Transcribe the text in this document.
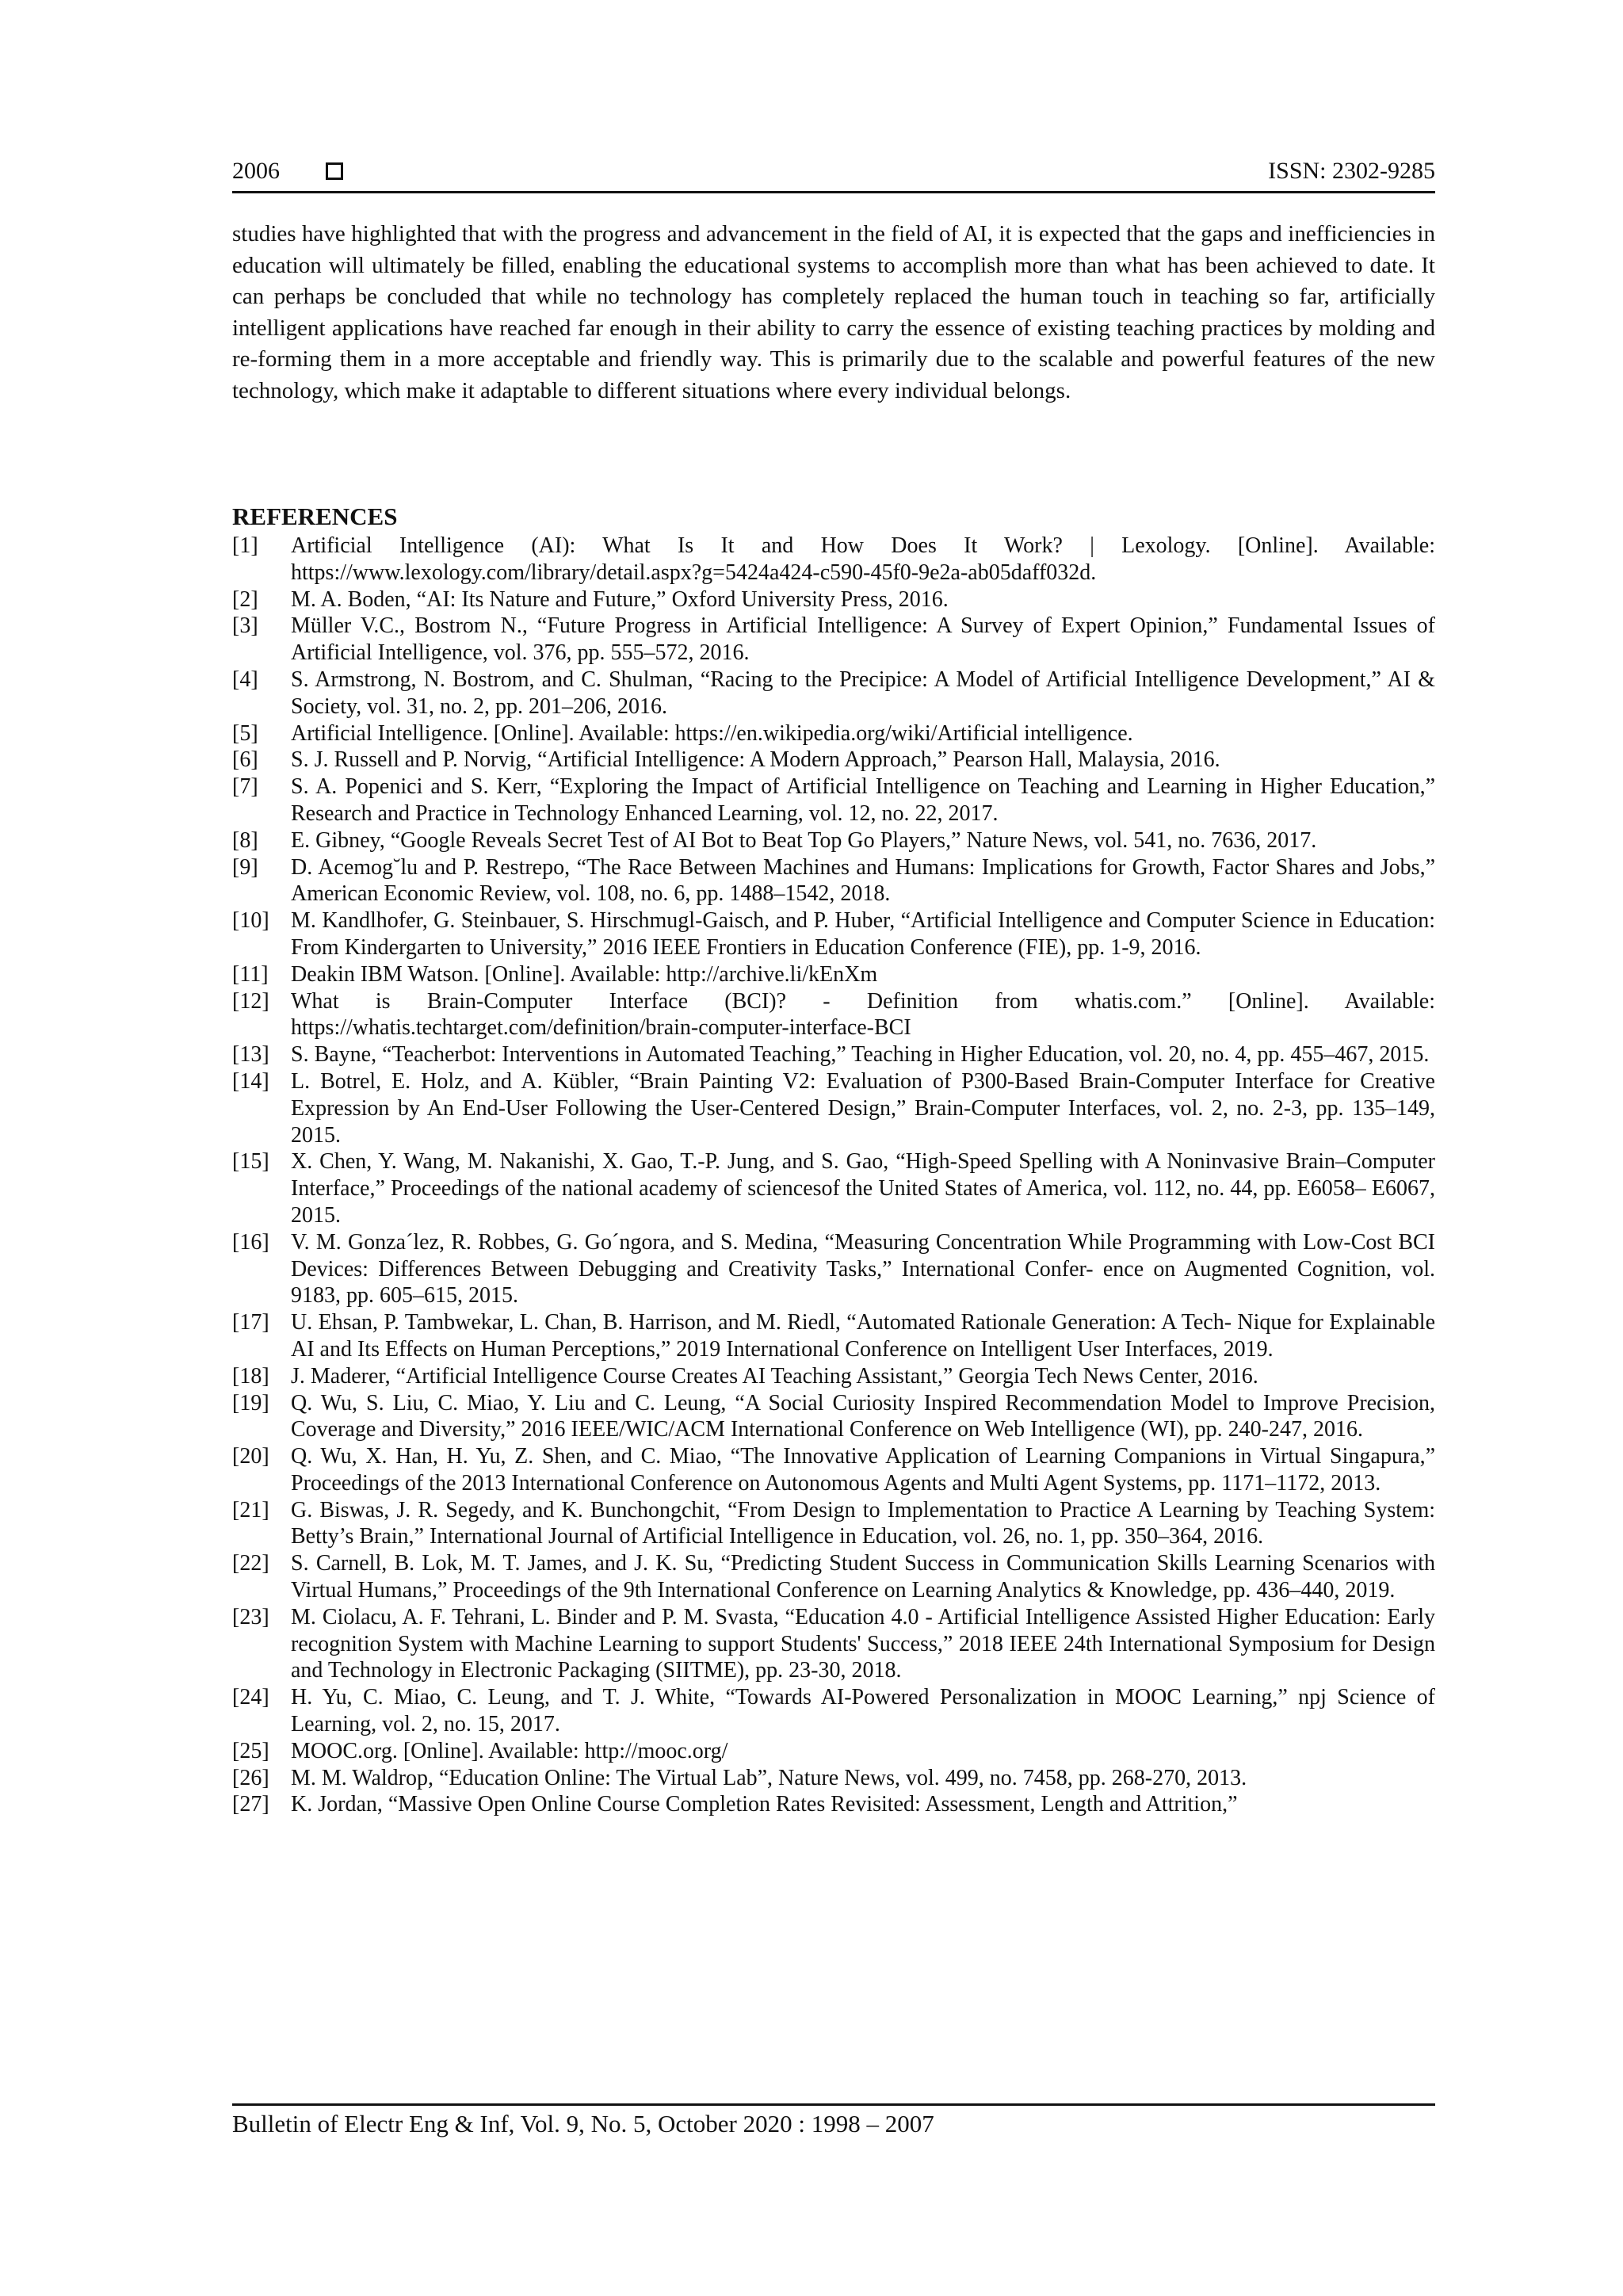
2006	ISSN: 2302-9285

studies have highlighted that with the progress and advancement in the field of AI, it is expected that the gaps and inefficiencies in education will ultimately be filled, enabling the educational systems to accomplish more than what has been achieved to date. It can perhaps be concluded that while no technology has completely replaced the human touch in teaching so far, artificially intelligent applications have reached far enough in their ability to carry the essence of existing teaching practices by molding and re-forming them in a more acceptable and friendly way. This is primarily due to the scalable and powerful features of the new technology, which make it adaptable to different situations where every individual belongs.

REFERENCES
[1] Artificial Intelligence (AI): What Is It and How Does It Work? | Lexology. [Online]. Available: https://www.lexology.com/library/detail.aspx?g=5424a424-c590-45f0-9e2a-ab05daff032d.
[2] M. A. Boden, “AI: Its Nature and Future,” Oxford University Press, 2016.
[3] Müller V.C., Bostrom N., “Future Progress in Artificial Intelligence: A Survey of Expert Opinion,” Fundamental Issues of Artificial Intelligence, vol. 376, pp. 555–572, 2016.
[4] S. Armstrong, N. Bostrom, and C. Shulman, “Racing to the Precipice: A Model of Artificial Intelligence Development,” AI & Society, vol. 31, no. 2, pp. 201–206, 2016.
[5] Artificial Intelligence. [Online]. Available: https://en.wikipedia.org/wiki/Artificial intelligence.
[6] S. J. Russell and P. Norvig, “Artificial Intelligence: A Modern Approach,” Pearson Hall, Malaysia, 2016.
[7] S. A. Popenici and S. Kerr, “Exploring the Impact of Artificial Intelligence on Teaching and Learning in Higher Education,” Research and Practice in Technology Enhanced Learning, vol. 12, no. 22, 2017.
[8] E. Gibney, “Google Reveals Secret Test of AI Bot to Beat Top Go Players,” Nature News, vol. 541, no. 7636, 2017.
[9] D. Acemog˘lu and P. Restrepo, “The Race Between Machines and Humans: Implications for Growth, Factor Shares and Jobs,” American Economic Review, vol. 108, no. 6, pp. 1488–1542, 2018.
[10] M. Kandlhofer, G. Steinbauer, S. Hirschmugl-Gaisch, and P. Huber, “Artificial Intelligence and Computer Science in Education: From Kindergarten to University,” 2016 IEEE Frontiers in Education Conference (FIE), pp. 1-9, 2016.
[11] Deakin IBM Watson. [Online]. Available: http://archive.li/kEnXm
[12] What is Brain-Computer Interface (BCI)? - Definition from whatis.com.” [Online]. Available: https://whatis.techtarget.com/definition/brain-computer-interface-BCI
[13] S. Bayne, “Teacherbot: Interventions in Automated Teaching,” Teaching in Higher Education, vol. 20, no. 4, pp. 455–467, 2015.
[14] L. Botrel, E. Holz, and A. Kübler, “Brain Painting V2: Evaluation of P300-Based Brain-Computer Interface for Creative Expression by An End-User Following the User-Centered Design,” Brain-Computer Interfaces, vol. 2, no. 2-3, pp. 135–149, 2015.
[15] X. Chen, Y. Wang, M. Nakanishi, X. Gao, T.-P. Jung, and S. Gao, “High-Speed Spelling with A Noninvasive Brain–Computer Interface,” Proceedings of the national academy of sciencesof the United States of America, vol. 112, no. 44, pp. E6058– E6067, 2015.
[16] V. M. Gonza´lez, R. Robbes, G. Go´ngora, and S. Medina, “Measuring Concentration While Programming with Low-Cost BCI Devices: Differences Between Debugging and Creativity Tasks,” International Confer- ence on Augmented Cognition, vol. 9183, pp. 605–615, 2015.
[17] U. Ehsan, P. Tambwekar, L. Chan, B. Harrison, and M. Riedl, “Automated Rationale Generation: A Tech- Nique for Explainable AI and Its Effects on Human Perceptions,” 2019 International Conference on Intelligent User Interfaces, 2019.
[18] J. Maderer, “Artificial Intelligence Course Creates AI Teaching Assistant,” Georgia Tech News Center, 2016.
[19] Q. Wu, S. Liu, C. Miao, Y. Liu and C. Leung, “A Social Curiosity Inspired Recommendation Model to Improve Precision, Coverage and Diversity,” 2016 IEEE/WIC/ACM International Conference on Web Intelligence (WI), pp. 240-247, 2016.
[20] Q. Wu, X. Han, H. Yu, Z. Shen, and C. Miao, “The Innovative Application of Learning Companions in Virtual Singapura,” Proceedings of the 2013 International Conference on Autonomous Agents and Multi Agent Systems, pp. 1171–1172, 2013.
[21] G. Biswas, J. R. Segedy, and K. Bunchongchit, “From Design to Implementation to Practice A Learning by Teaching System: Betty’s Brain,” International Journal of Artificial Intelligence in Education, vol. 26, no. 1, pp. 350–364, 2016.
[22] S. Carnell, B. Lok, M. T. James, and J. K. Su, “Predicting Student Success in Communication Skills Learning Scenarios with Virtual Humans,” Proceedings of the 9th International Conference on Learning Analytics & Knowledge, pp. 436–440, 2019.
[23] M. Ciolacu, A. F. Tehrani, L. Binder and P. M. Svasta, “Education 4.0 - Artificial Intelligence Assisted Higher Education: Early recognition System with Machine Learning to support Students' Success,” 2018 IEEE 24th International Symposium for Design and Technology in Electronic Packaging (SIITME), pp. 23-30, 2018.
[24] H. Yu, C. Miao, C. Leung, and T. J. White, “Towards AI-Powered Personalization in MOOC Learning,” npj Science of Learning, vol. 2, no. 15, 2017.
[25] MOOC.org. [Online]. Available: http://mooc.org/
[26] M. M. Waldrop, “Education Online: The Virtual Lab”, Nature News, vol. 499, no. 7458, pp. 268-270, 2013.
[27] K. Jordan, “Massive Open Online Course Completion Rates Revisited: Assessment, Length and Attrition,”
Bulletin of Electr Eng & Inf, Vol. 9, No. 5, October 2020 : 1998 – 2007
